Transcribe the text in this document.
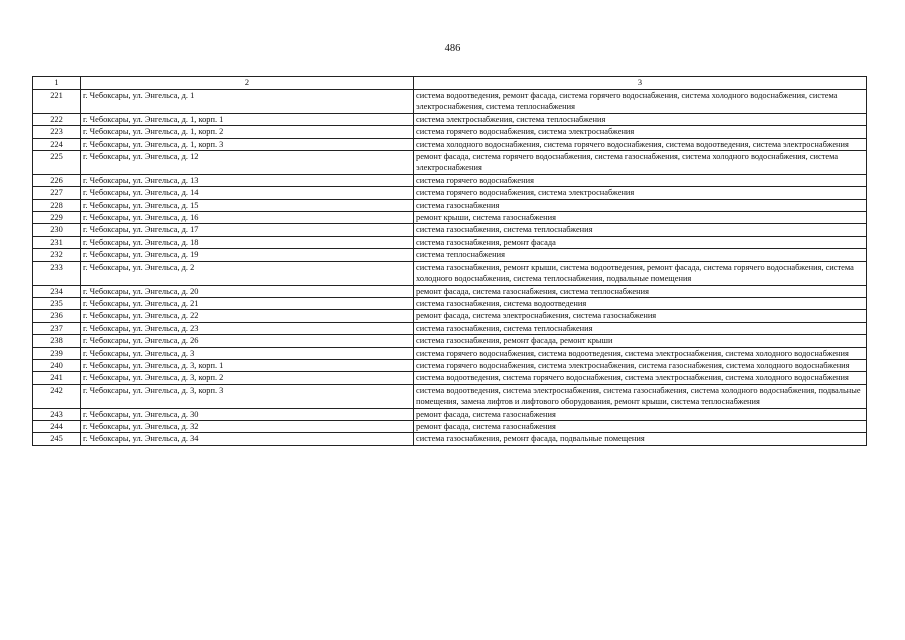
486
1	2	3
221	г. Чебоксары, ул. Энгельса, д. 1	система водоотведения, ремонт фасада, система горячего водоснабжения, система холодного водоснабжения, система электроснабжения, система теплоснабжения
222	г. Чебоксары, ул. Энгельса, д. 1, корп. 1	система электроснабжения, система теплоснабжения
223	г. Чебоксары, ул. Энгельса, д. 1, корп. 2	система горячего водоснабжения, система электроснабжения
224	г. Чебоксары, ул. Энгельса, д. 1, корп. 3	система холодного водоснабжения, система горячего водоснабжения, система водоотведения, система электроснабжения
225	г. Чебоксары, ул. Энгельса, д. 12	ремонт фасада, система горячего водоснабжения, система газоснабжения, система холодного водоснабжения, система электроснабжения
226	г. Чебоксары, ул. Энгельса, д. 13	система горячего водоснабжения
227	г. Чебоксары, ул. Энгельса, д. 14	система горячего водоснабжения, система электроснабжения
228	г. Чебоксары, ул. Энгельса, д. 15	система газоснабжения
229	г. Чебоксары, ул. Энгельса, д. 16	ремонт крыши, система газоснабжения
230	г. Чебоксары, ул. Энгельса, д. 17	система газоснабжения, система теплоснабжения
231	г. Чебоксары, ул. Энгельса, д. 18	система газоснабжения, ремонт фасада
232	г. Чебоксары, ул. Энгельса, д. 19	система теплоснабжения
233	г. Чебоксары, ул. Энгельса, д. 2	система газоснабжения, ремонт крыши, система водоотведения, ремонт фасада, система горячего водоснабжения, система холодного водоснабжения, система теплоснабжения, подвальные помещения
234	г. Чебоксары, ул. Энгельса, д. 20	ремонт фасада, система газоснабжения, система теплоснабжения
235	г. Чебоксары, ул. Энгельса, д. 21	система газоснабжения, система водоотведения
236	г. Чебоксары, ул. Энгельса, д. 22	ремонт фасада, система электроснабжения, система газоснабжения
237	г. Чебоксары, ул. Энгельса, д. 23	система газоснабжения, система теплоснабжения
238	г. Чебоксары, ул. Энгельса, д. 26	система газоснабжения, ремонт фасада, ремонт крыши
239	г. Чебоксары, ул. Энгельса, д. 3	система горячего водоснабжения, система водоотведения, система электроснабжения, система холодного водоснабжения
240	г. Чебоксары, ул. Энгельса, д. 3, корп. 1	система горячего водоснабжения, система электроснабжения, система газоснабжения, система холодного водоснабжения
241	г. Чебоксары, ул. Энгельса, д. 3, корп. 2	система водоотведения, система горячего водоснабжения, система электроснабжения, система холодного водоснабжения
242	г. Чебоксары, ул. Энгельса, д. 3, корп. 3	система водоотведения, система электроснабжения, система газоснабжения, система холодного водоснабжения, подвальные помещения, замена лифтов и лифтового оборудования, ремонт крыши, система теплоснабжения
243	г. Чебоксары, ул. Энгельса, д. 30	ремонт фасада, система газоснабжения
244	г. Чебоксары, ул. Энгельса, д. 32	ремонт фасада, система газоснабжения
245	г. Чебоксары, ул. Энгельса, д. 34	система газоснабжения, ремонт фасада, подвальные помещения
